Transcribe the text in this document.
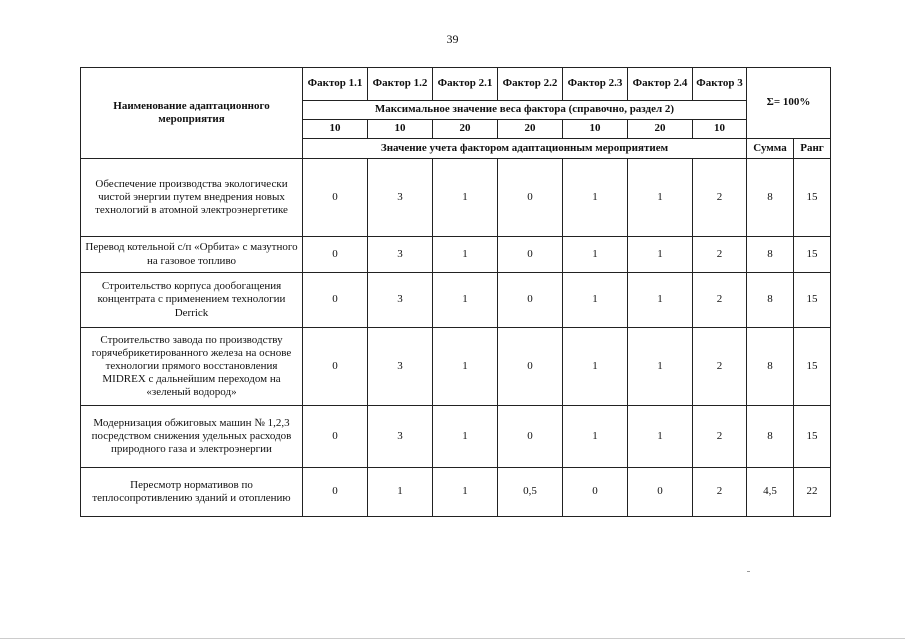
39
Наименование адаптационного мероприятия	Фактор 1.1	Фактор 1.2	Фактор 2.1	Фактор 2.2	Фактор 2.3	Фактор 2.4	Фактор 3	Σ= 100%	
	Максимальное значение веса фактора (справочно, раздел 2)								
	10	10	20	20	10	20	10		
	Значение учета фактором адаптационным мероприятием							Сумма	Ранг
Обеспечение производства экологически чистой энергии путем внедрения новых технологий в атомной электроэнергетике	0	3	1	0	1	1	2	8	15
Перевод котельной с/п «Орбита» с мазутного на газовое топливо	0	3	1	0	1	1	2	8	15
Строительство корпуса дообогащения концентрата с применением технологии Derrick	0	3	1	0	1	1	2	8	15
Строительство завода по производству горячебрикетированного железа на основе технологии прямого восстановления MIDREX с дальнейшим переходом на «зеленый водород»	0	3	1	0	1	1	2	8	15
Модернизация обжиговых машин № 1,2,3 посредством снижения удельных расходов природного газа и электроэнергии	0	3	1	0	1	1	2	8	15
Пересмотр нормативов по теплосопротивлению зданий и отоплению	0	1	1	0,5	0	0	2	4,5	22
